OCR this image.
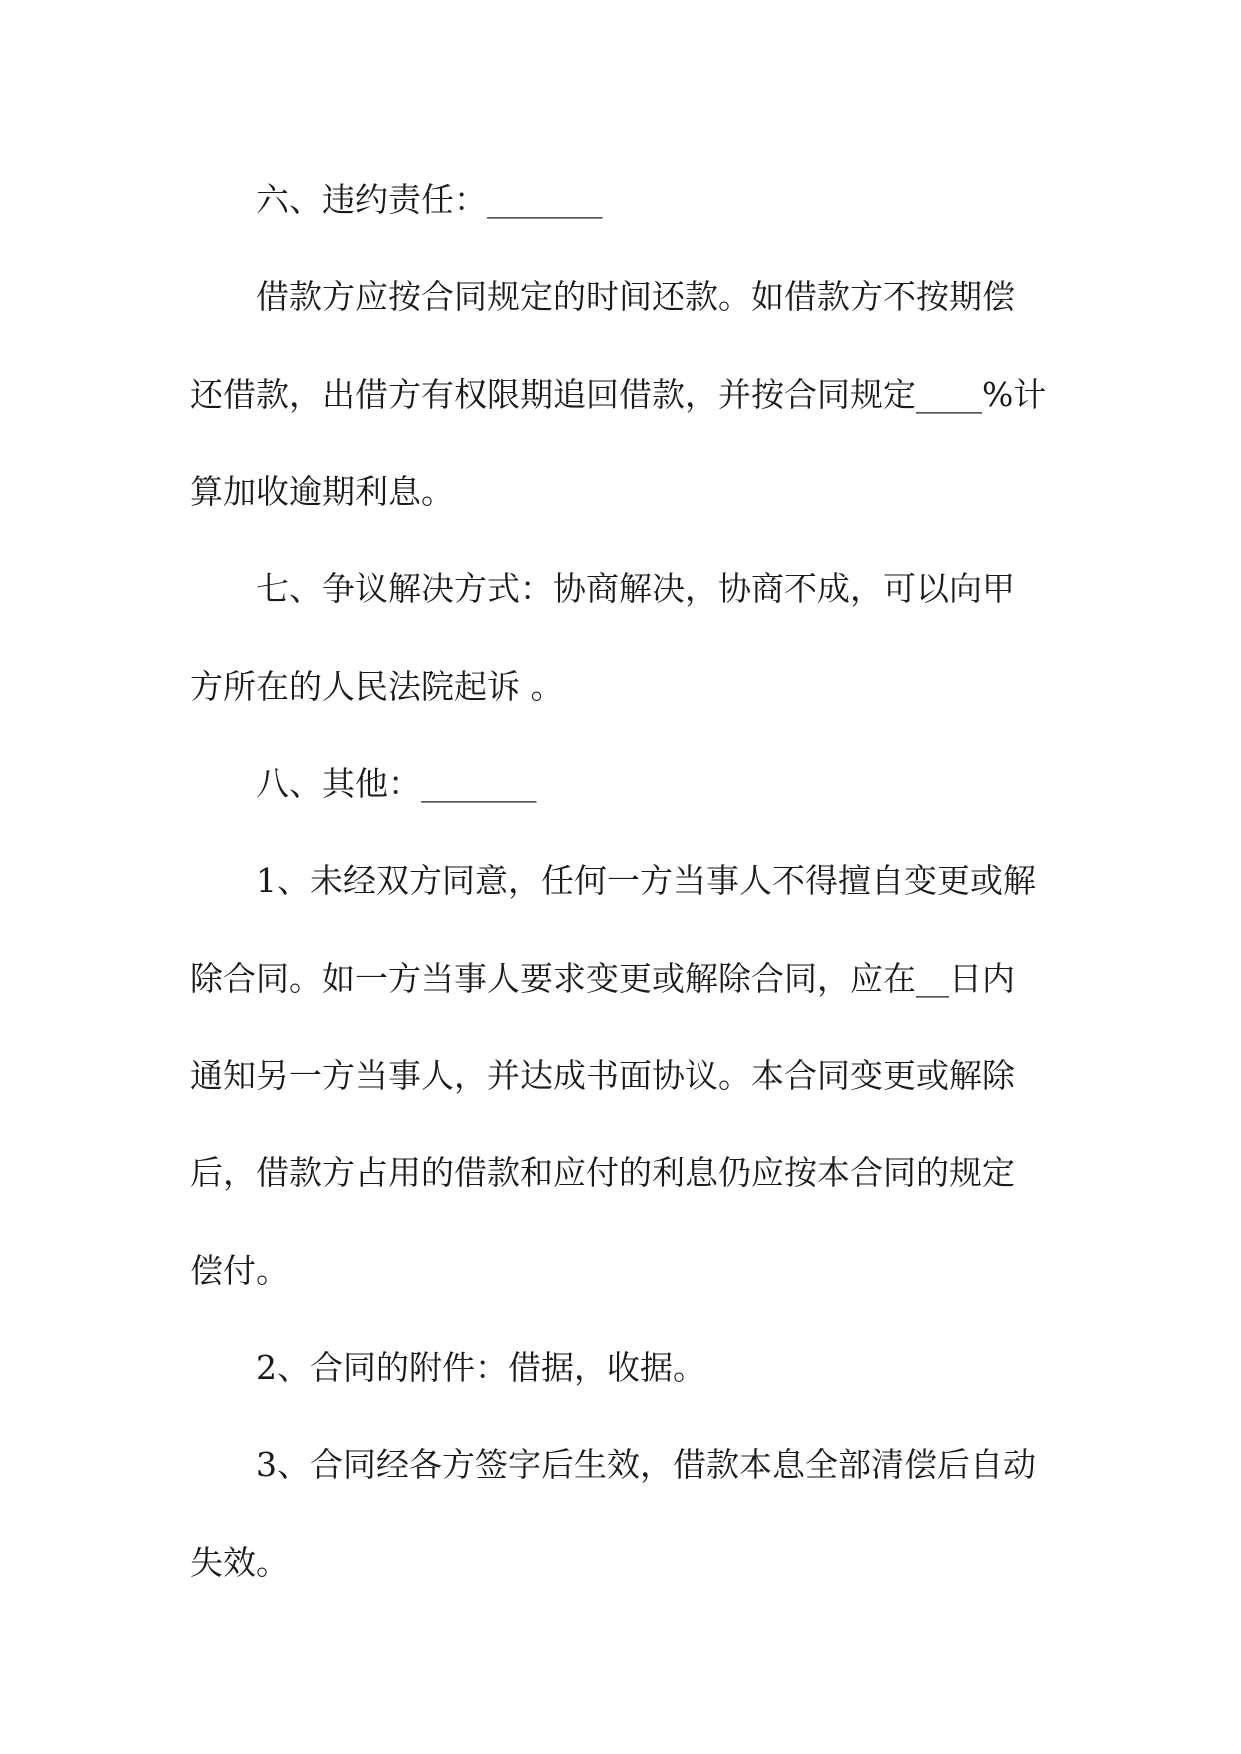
六、违约责任：_______

借款方应按合同规定的时间还款。如借款方不按期偿

还借款，出借方有权限期追回借款，并按合同规定____%计

算加收逾期利息。

七、争议解决方式：协商解决，协商不成，可以向甲

方所在的人民法院起诉 。

八、其他：_______

1、未经双方同意，任何一方当事人不得擅自变更或解

除合同。如一方当事人要求变更或解除合同，应在__日内

通知另一方当事人，并达成书面协议。本合同变更或解除

后，借款方占用的借款和应付的利息仍应按本合同的规定

偿付。

2、合同的附件：借据，收据。

3、合同经各方签字后生效，借款本息全部清偿后自动

失效。
